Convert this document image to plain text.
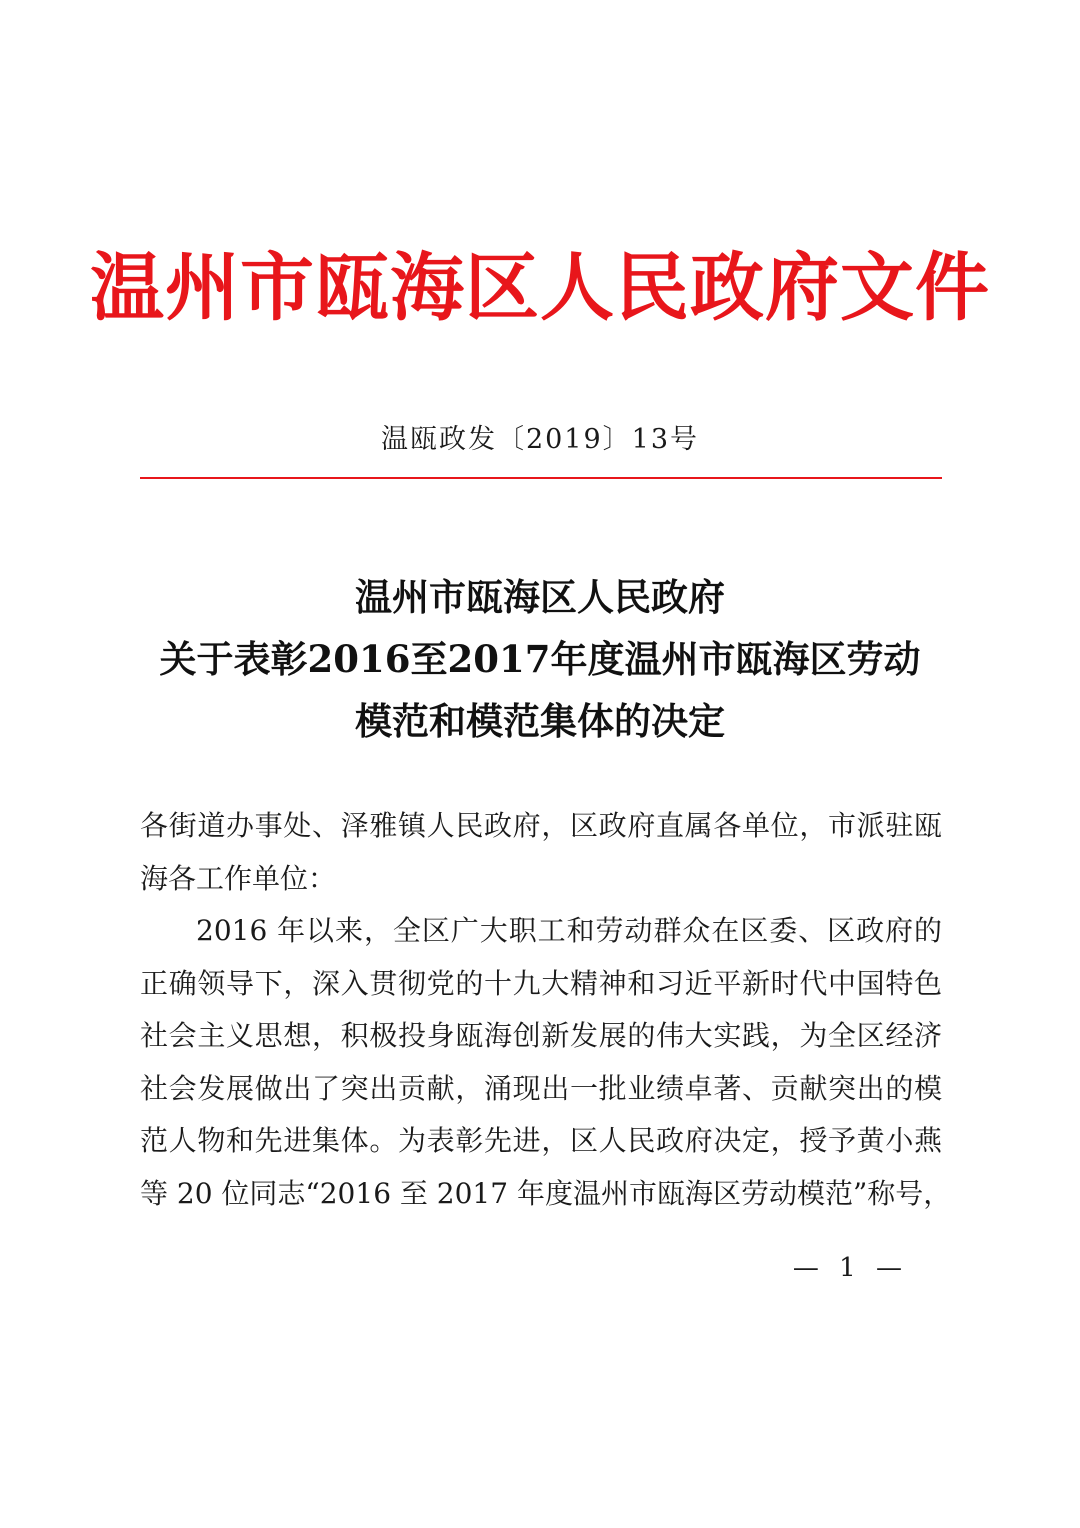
温州市瓯海区人民政府文件
温瓯政发〔2019〕13号
温州市瓯海区人民政府
关于表彰2016至2017年度温州市瓯海区劳动
模范和模范集体的决定
各街道办事处、泽雅镇人民政府，区政府直属各单位，市派驻瓯
海各工作单位：
2016 年以来，全区广大职工和劳动群众在区委、区政府的
正确领导下，深入贯彻党的十九大精神和习近平新时代中国特色
社会主义思想，积极投身瓯海创新发展的伟大实践，为全区经济
社会发展做出了突出贡献，涌现出一批业绩卓著、贡献突出的模
范人物和先进集体。为表彰先进，区人民政府决定，授予黄小燕
等 20 位同志“2016 至 2017 年度温州市瓯海区劳动模范”称号，
— 1 —
